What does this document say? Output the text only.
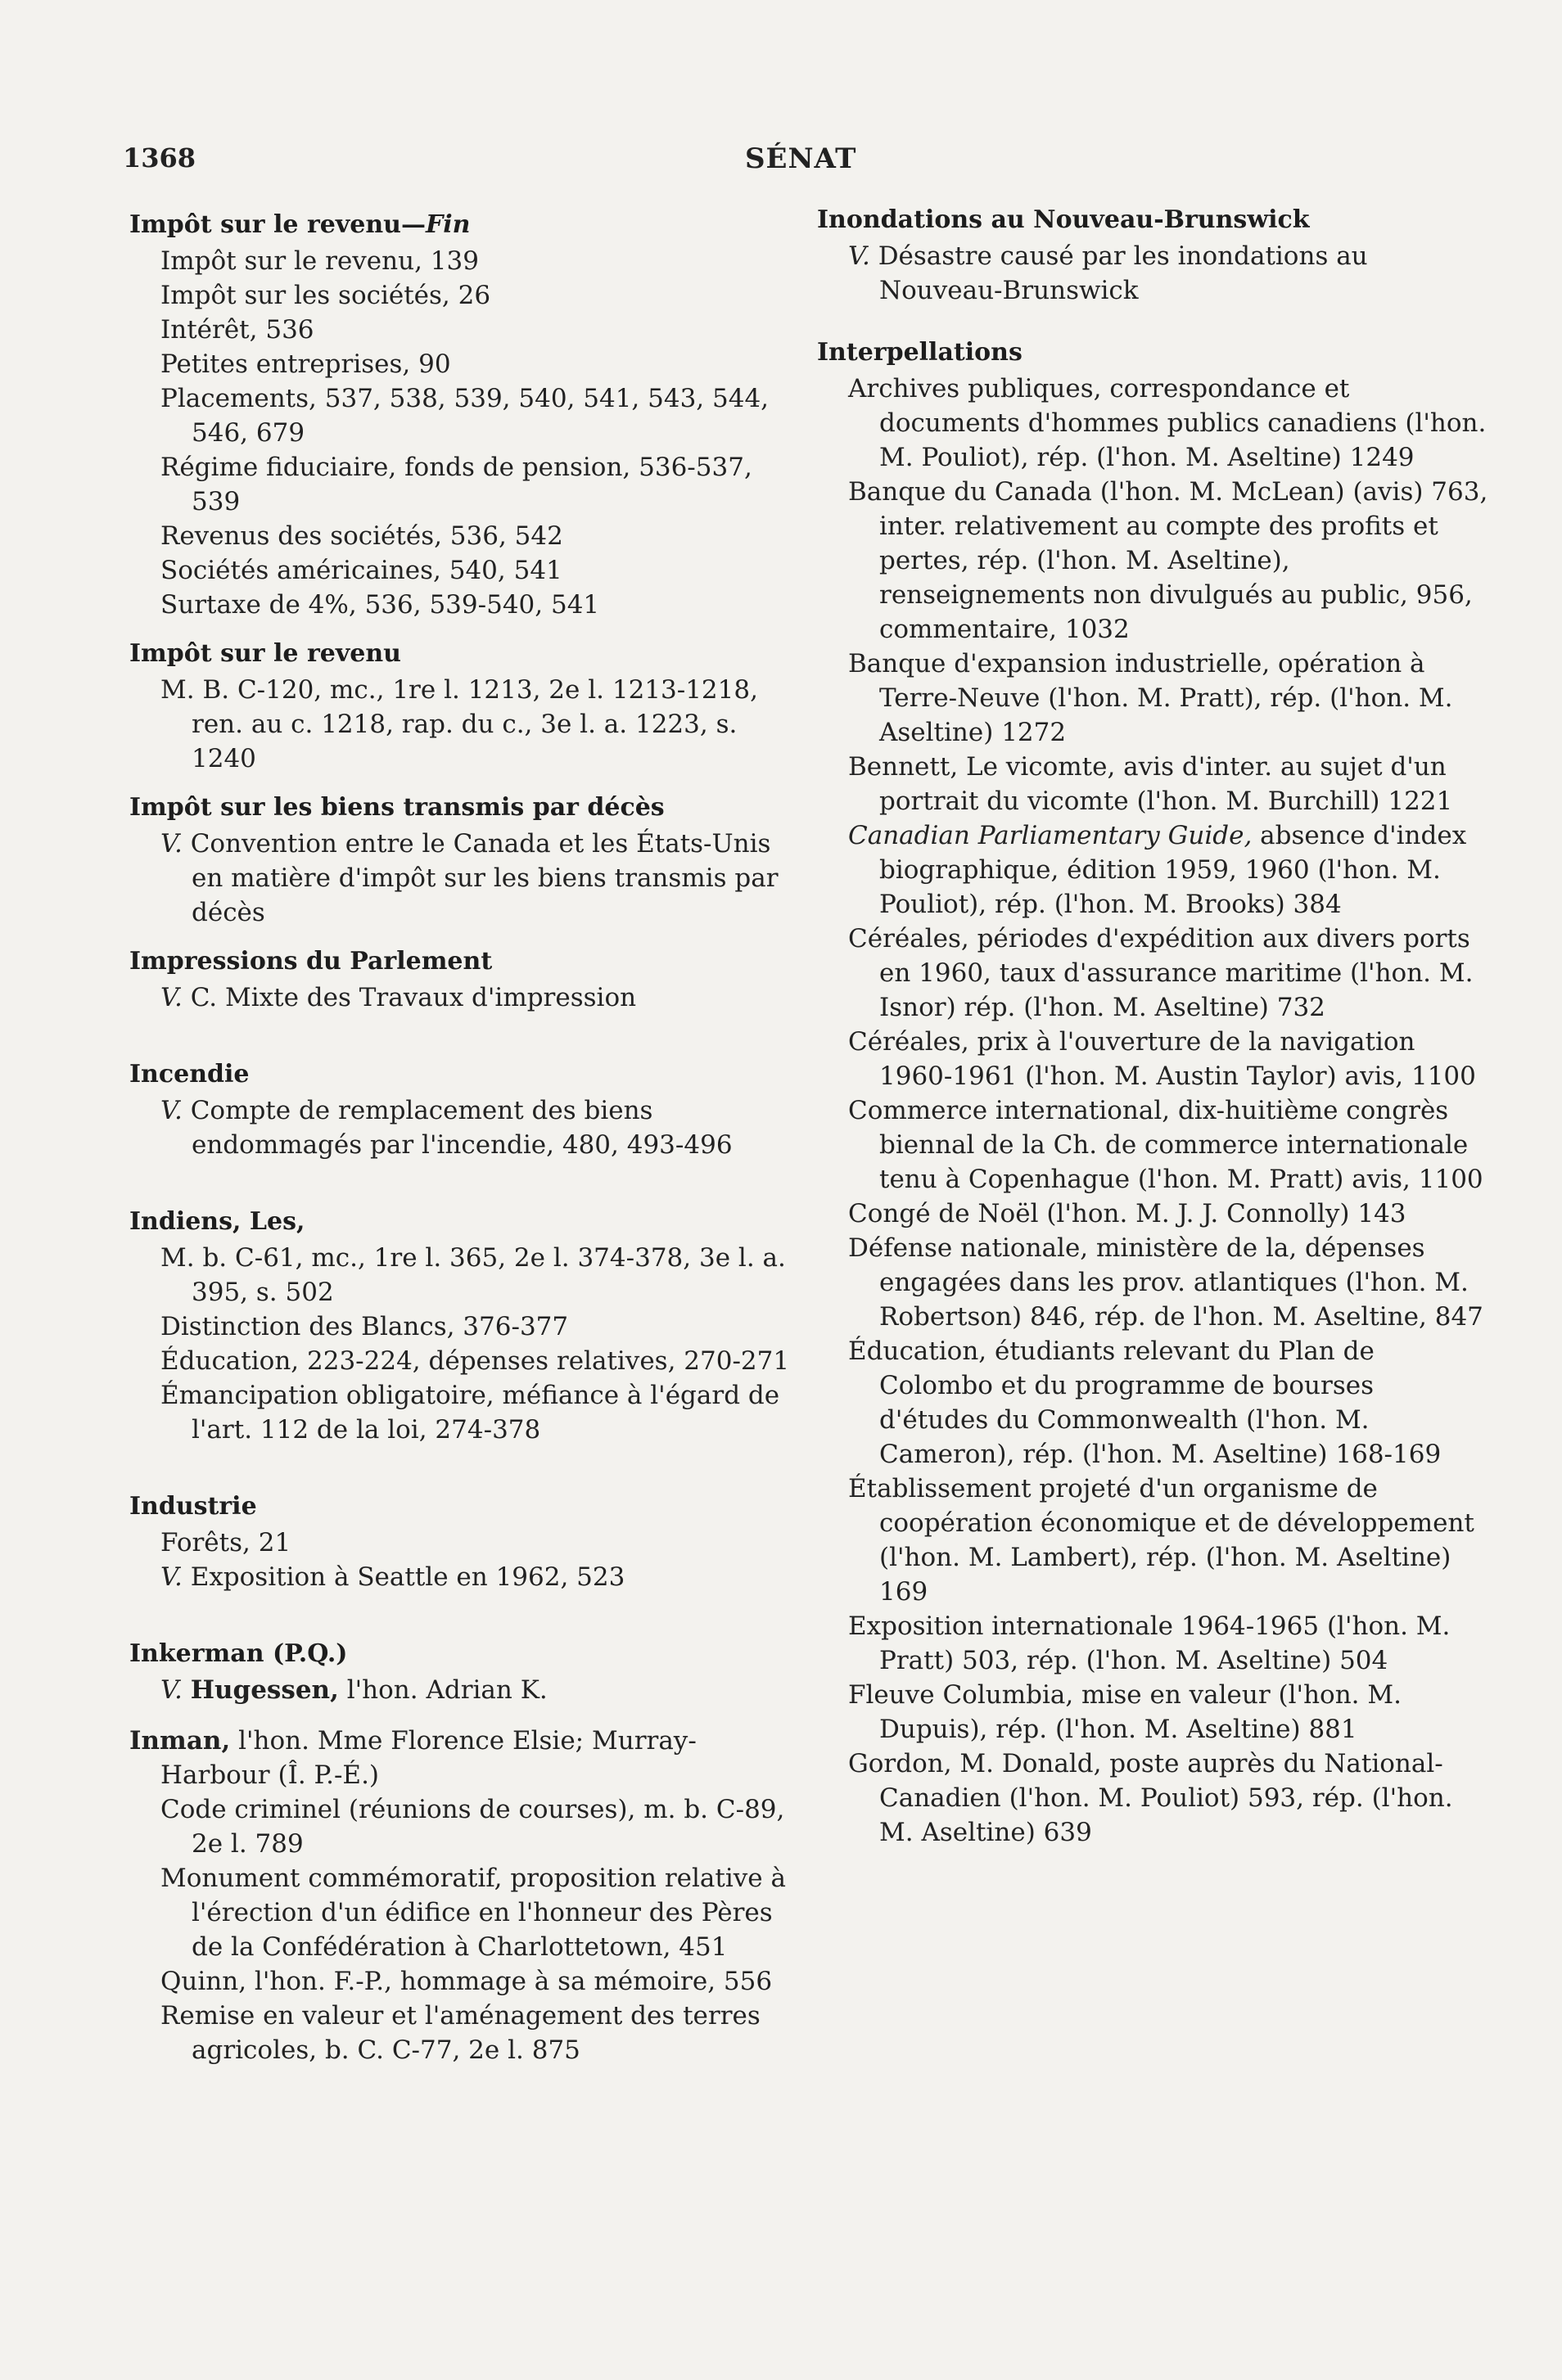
1368	SÉNAT

Impôt sur le revenu—Fin

Impôt sur le revenu, 139

Impôt sur les sociétés, 26

Intérêt, 536

Petites entreprises, 90

Placements, 537, 538, 539, 540, 541, 543, 544, 546, 679

Régime fiduciaire, fonds de pension, 536-537, 539

Revenus des sociétés, 536, 542

Sociétés américaines, 540, 541

Surtaxe de 4%, 536, 539-540, 541

Impôt sur le revenu

M. B. C-120, mc., 1re l. 1213, 2e l. 1213-1218, ren. au c. 1218, rap. du c., 3e l. a. 1223, s. 1240

Impôt sur les biens transmis par décès

V. Convention entre le Canada et les États-Unis en matière d'impôt sur les biens transmis par décès

Impressions du Parlement

V. C. Mixte des Travaux d'impression

Incendie

V. Compte de remplacement des biens endommagés par l'incendie, 480, 493-496

Indiens, Les,

M. b. C-61, mc., 1re l. 365, 2e l. 374-378, 3e l. a. 395, s. 502

Distinction des Blancs, 376-377

Éducation, 223-224, dépenses relatives, 270-271

Émancipation obligatoire, méfiance à l'égard de l'art. 112 de la loi, 274-378

Industrie

Forêts, 21

V. Exposition à Seattle en 1962, 523

Inkerman (P.Q.)

V. Hugessen, l'hon. Adrian K.

Inman, l'hon. Mme Florence Elsie; Murray-Harbour (Î. P.-É.)

Code criminel (réunions de courses), m. b. C-89, 2e l. 789

Monument commémoratif, proposition relative à l'érection d'un édifice en l'honneur des Pères de la Confédération à Charlottetown, 451

Quinn, l'hon. F.-P., hommage à sa mémoire, 556

Remise en valeur et l'aménagement des terres agricoles, b. C. C-77, 2e l. 875

Inondations au Nouveau-Brunswick

V. Désastre causé par les inondations au Nouveau-Brunswick

Interpellations

Archives publiques, correspondance et documents d'hommes publics canadiens (l'hon. M. Pouliot), rép. (l'hon. M. Aseltine) 1249

Banque du Canada (l'hon. M. McLean) (avis) 763, inter. relativement au compte des profits et pertes, rép. (l'hon. M. Aseltine), renseignements non divulgués au public, 956, commentaire, 1032

Banque d'expansion industrielle, opération à Terre-Neuve (l'hon. M. Pratt), rép. (l'hon. M. Aseltine) 1272

Bennett, Le vicomte, avis d'inter. au sujet d'un portrait du vicomte (l'hon. M. Burchill) 1221

Canadian Parliamentary Guide, absence d'index biographique, édition 1959, 1960 (l'hon. M. Pouliot), rép. (l'hon. M. Brooks) 384

Céréales, périodes d'expédition aux divers ports en 1960, taux d'assurance maritime (l'hon. M. Isnor) rép. (l'hon. M. Aseltine) 732

Céréales, prix à l'ouverture de la navigation 1960-1961 (l'hon. M. Austin Taylor) avis, 1100

Commerce international, dix-huitième congrès biennal de la Ch. de commerce internationale tenu à Copenhague (l'hon. M. Pratt) avis, 1100

Congé de Noël (l'hon. M. J. J. Connolly) 143

Défense nationale, ministère de la, dépenses engagées dans les prov. atlantiques (l'hon. M. Robertson) 846, rép. de l'hon. M. Aseltine, 847

Éducation, étudiants relevant du Plan de Colombo et du programme de bourses d'études du Commonwealth (l'hon. M. Cameron), rép. (l'hon. M. Aseltine) 168-169

Établissement projeté d'un organisme de coopération économique et de développement (l'hon. M. Lambert), rép. (l'hon. M. Aseltine) 169

Exposition internationale 1964-1965 (l'hon. M. Pratt) 503, rép. (l'hon. M. Aseltine) 504

Fleuve Columbia, mise en valeur (l'hon. M. Dupuis), rép. (l'hon. M. Aseltine) 881

Gordon, M. Donald, poste auprès du National-Canadien (l'hon. M. Pouliot) 593, rép. (l'hon. M. Aseltine) 639
